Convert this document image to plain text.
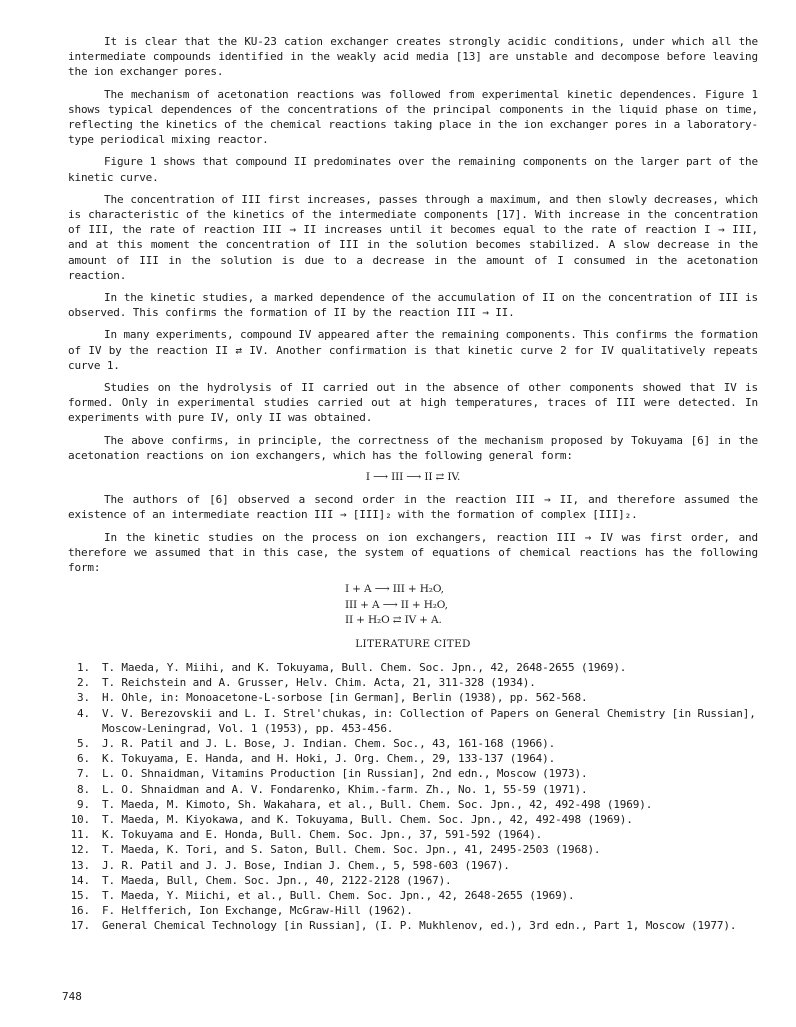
It is clear that the KU-23 cation exchanger creates strongly acidic conditions, under which all the intermediate compounds identified in the weakly acid media [13] are unstable and decompose before leaving the ion exchanger pores.

The mechanism of acetonation reactions was followed from experimental kinetic dependences. Figure 1 shows typical dependences of the concentrations of the principal components in the liquid phase on time, reflecting the kinetics of the chemical reactions taking place in the ion exchanger pores in a laboratory-type periodical mixing reactor.

Figure 1 shows that compound II predominates over the remaining components on the larger part of the kinetic curve.

The concentration of III first increases, passes through a maximum, and then slowly decreases, which is characteristic of the kinetics of the intermediate components [17]. With increase in the concentration of III, the rate of reaction III → II increases until it becomes equal to the rate of reaction I → III, and at this moment the concentration of III in the solution becomes stabilized. A slow decrease in the amount of III in the solution is due to a decrease in the amount of I consumed in the acetonation reaction.

In the kinetic studies, a marked dependence of the accumulation of II on the concentration of III is observed. This confirms the formation of II by the reaction III → II.

In many experiments, compound IV appeared after the remaining components. This confirms the formation of IV by the reaction II ⇄ IV. Another confirmation is that kinetic curve 2 for IV qualitatively repeats curve 1.

Studies on the hydrolysis of II carried out in the absence of other components showed that IV is formed. Only in experimental studies carried out at high temperatures, traces of III were detected. In experiments with pure IV, only II was obtained.

The above confirms, in principle, the correctness of the mechanism proposed by Tokuyama [6] in the acetonation reactions on ion exchangers, which has the following general form:

I ⟶ III ⟶ II ⇄ IV.

The authors of [6] observed a second order in the reaction III → II, and therefore assumed the existence of an intermediate reaction III → [III]₂ with the formation of complex [III]₂.

In the kinetic studies on the process on ion exchangers, reaction III → IV was first order, and therefore we assumed that in this case, the system of equations of chemical reactions has the following form:

I + A ⟶ III + H₂O,
III + A ⟶ II + H₂O,
II + H₂O ⇄ IV + A.
LITERATURE CITED
1. T. Maeda, Y. Miihi, and K. Tokuyama, Bull. Chem. Soc. Jpn., 42, 2648-2655 (1969).
2. T. Reichstein and A. Grusser, Helv. Chim. Acta, 21, 311-328 (1934).
3. H. Ohle, in: Monoacetone-L-sorbose [in German], Berlin (1938), pp. 562-568.
4. V. V. Berezovskii and L. I. Strel'chukas, in: Collection of Papers on General Chemistry [in Russian], Moscow-Leningrad, Vol. 1 (1953), pp. 453-456.
5. J. R. Patil and J. L. Bose, J. Indian. Chem. Soc., 43, 161-168 (1966).
6. K. Tokuyama, E. Handa, and H. Hoki, J. Org. Chem., 29, 133-137 (1964).
7. L. O. Shnaidman, Vitamins Production [in Russian], 2nd edn., Moscow (1973).
8. L. O. Shnaidman and A. V. Fondarenko, Khim.-farm. Zh., No. 1, 55-59 (1971).
9. T. Maeda, M. Kimoto, Sh. Wakahara, et al., Bull. Chem. Soc. Jpn., 42, 492-498 (1969).
10. T. Maeda, M. Kiyokawa, and K. Tokuyama, Bull. Chem. Soc. Jpn., 42, 492-498 (1969).
11. K. Tokuyama and E. Honda, Bull. Chem. Soc. Jpn., 37, 591-592 (1964).
12. T. Maeda, K. Tori, and S. Saton, Bull. Chem. Soc. Jpn., 41, 2495-2503 (1968).
13. J. R. Patil and J. J. Bose, Indian J. Chem., 5, 598-603 (1967).
14. T. Maeda, Bull, Chem. Soc. Jpn., 40, 2122-2128 (1967).
15. T. Maeda, Y. Miichi, et al., Bull. Chem. Soc. Jpn., 42, 2648-2655 (1969).
16. F. Helfferich, Ion Exchange, McGraw-Hill (1962).
17. General Chemical Technology [in Russian], (I. P. Mukhlenov, ed.), 3rd edn., Part 1, Moscow (1977).
748
